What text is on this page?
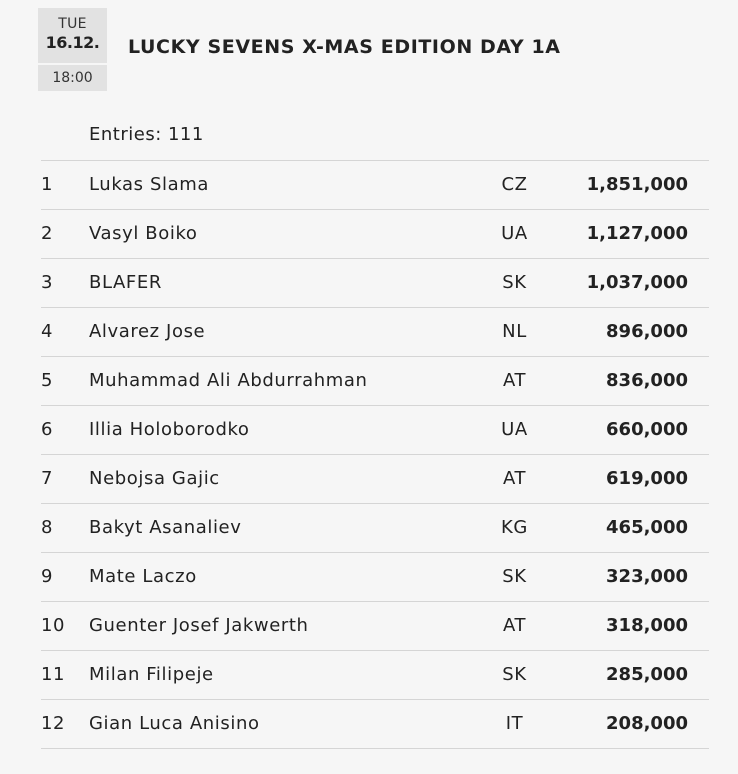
TUE
16.12.
18:00
LUCKY SEVENS X-MAS EDITION DAY 1A
Entries: 111
1 Lukas Slama	CZ	1,851,000
2 Vasyl Boiko	UA	1,127,000
3 BLAFER	SK	1,037,000
4 Alvarez Jose	NL	896,000
5 Muhammad Ali Abdurrahman	AT	836,000
6 Illia Holoborodko	UA	660,000
7 Nebojsa Gajic	AT	619,000
8 Bakyt Asanaliev	KG	465,000
9 Mate Laczo	SK	323,000
10 Guenter Josef Jakwerth	AT	318,000
11 Milan Filipeje	SK	285,000
12 Gian Luca Anisino	IT	208,000
